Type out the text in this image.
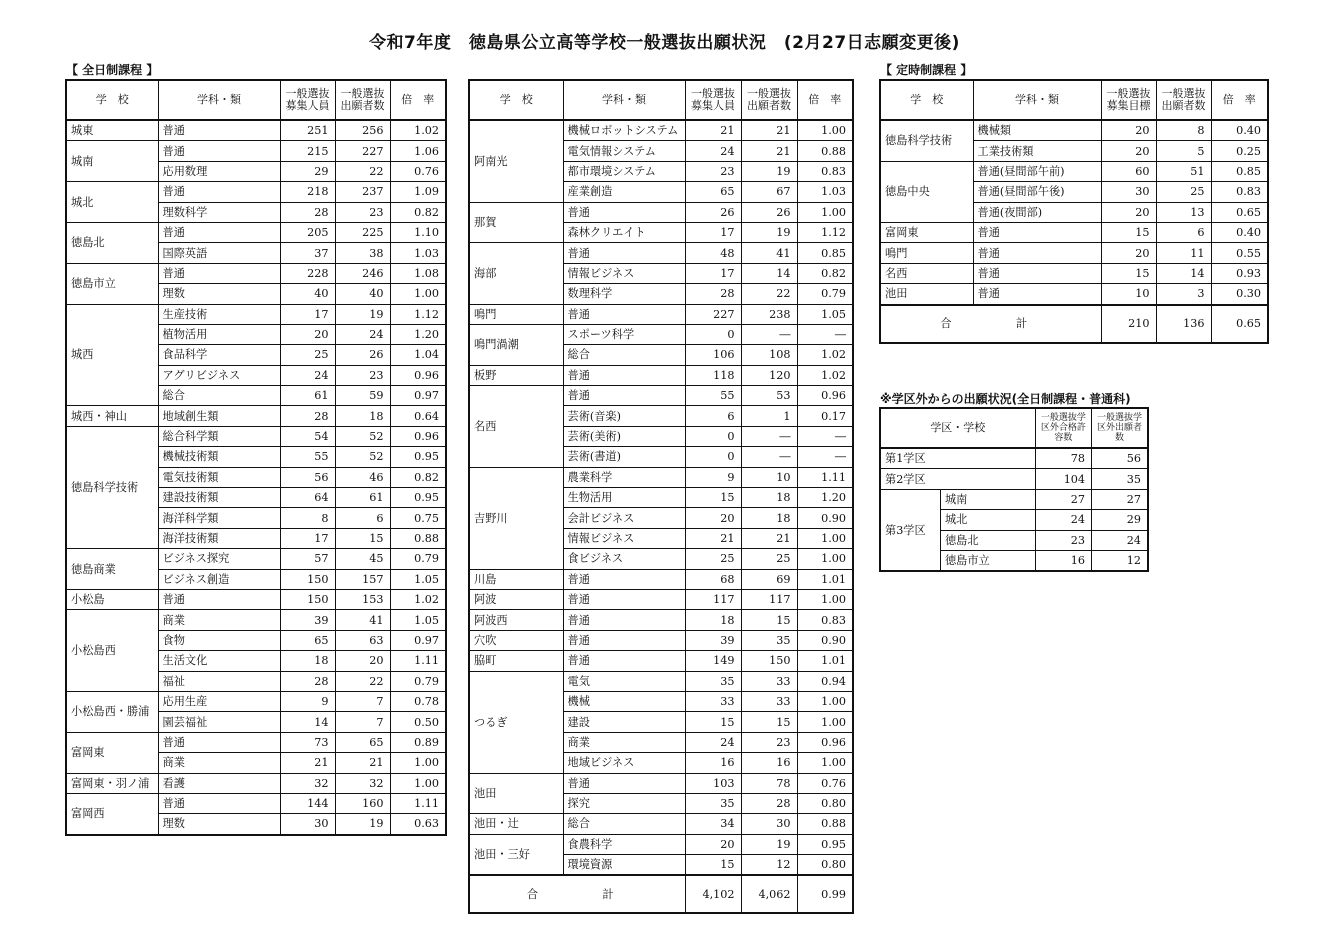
令和7年度　徳島県公立高等学校一般選抜出願状況　(2月27日志願変更後)
【 全日制課程 】	【 定時制課程 】
※学区外からの出願状況(全日制課程・普通科)
学　校	学科・類	一般選抜募集人員	一般選抜出願者数	倍　率
城東	普通	251	256	1.02
城南	普通	215	227	1.06
	応用数理	29	22	0.76
城北	普通	218	237	1.09
	理数科学	28	23	0.82
徳島北	普通	205	225	1.10
	国際英語	37	38	1.03
徳島市立	普通	228	246	1.08
	理数	40	40	1.00
城西	生産技術	17	19	1.12
	植物活用	20	24	1.20
	食品科学	25	26	1.04
	アグリビジネス	24	23	0.96
	総合	61	59	0.97
城西・神山	地域創生類	28	18	0.64
徳島科学技術	総合科学類	54	52	0.96
	機械技術類	55	52	0.95
	電気技術類	56	46	0.82
	建設技術類	64	61	0.95
	海洋科学類	8	6	0.75
	海洋技術類	17	15	0.88
徳島商業	ビジネス探究	57	45	0.79
	ビジネス創造	150	157	1.05
小松島	普通	150	153	1.02
小松島西	商業	39	41	1.05
	食物	65	63	0.97
	生活文化	18	20	1.11
	福祉	28	22	0.79
小松島西・勝浦	応用生産	9	7	0.78
	園芸福祉	14	7	0.50
富岡東	普通	73	65	0.89
	商業	21	21	1.00
富岡東・羽ノ浦	看護	32	32	1.00
富岡西	普通	144	160	1.11
	理数	30	19	0.63
学　校	学科・類	一般選抜募集人員	一般選抜出願者数	倍　率
阿南光	機械ロボットシステム	21	21	1.00
	電気情報システム	24	21	0.88
	都市環境システム	23	19	0.83
	産業創造	65	67	1.03
那賀	普通	26	26	1.00
	森林クリエイト	17	19	1.12
海部	普通	48	41	0.85
	情報ビジネス	17	14	0.82
	数理科学	28	22	0.79
鳴門	普通	227	238	1.05
鳴門渦潮	スポーツ科学	0	―	―
	総合	106	108	1.02
板野	普通	118	120	1.02
名西	普通	55	53	0.96
	芸術(音楽)	6	1	0.17
	芸術(美術)	0	―	―
	芸術(書道)	0	―	―
吉野川	農業科学	9	10	1.11
	生物活用	15	18	1.20
	会計ビジネス	20	18	0.90
	情報ビジネス	21	21	1.00
	食ビジネス	25	25	1.00
川島	普通	68	69	1.01
阿波	普通	117	117	1.00
阿波西	普通	18	15	0.83
穴吹	普通	39	35	0.90
脇町	普通	149	150	1.01
つるぎ	電気	35	33	0.94
	機械	33	33	1.00
	建設	15	15	1.00
	商業	24	23	0.96
	地域ビジネス	16	16	1.00
池田	普通	103	78	0.76
	探究	35	28	0.80
池田・辻	総合	34	30	0.88
池田・三好	食農科学	20	19	0.95
	環境資源	15	12	0.80
合　　計		4,102	4,062	0.99
学　校	学科・類	一般選抜募集目標	一般選抜出願者数	倍　率
徳島科学技術	機械類	20	8	0.40
	工業技術類	20	5	0.25
徳島中央	普通(昼間部午前)	60	51	0.85
	普通(昼間部午後)	30	25	0.83
	普通(夜間部)	20	13	0.65
富岡東	普通	15	6	0.40
鳴門	普通	20	11	0.55
名西	普通	15	14	0.93
池田	普通	10	3	0.30
合　　計		210	136	0.65
学区・学校		一般選抜学区外合格許容数	一般選抜学区外出願者数
第1学区		78	56
第2学区		104	35
第3学区	城南	27	27
	城北	24	29
	徳島北	23	24
	徳島市立	16	12
